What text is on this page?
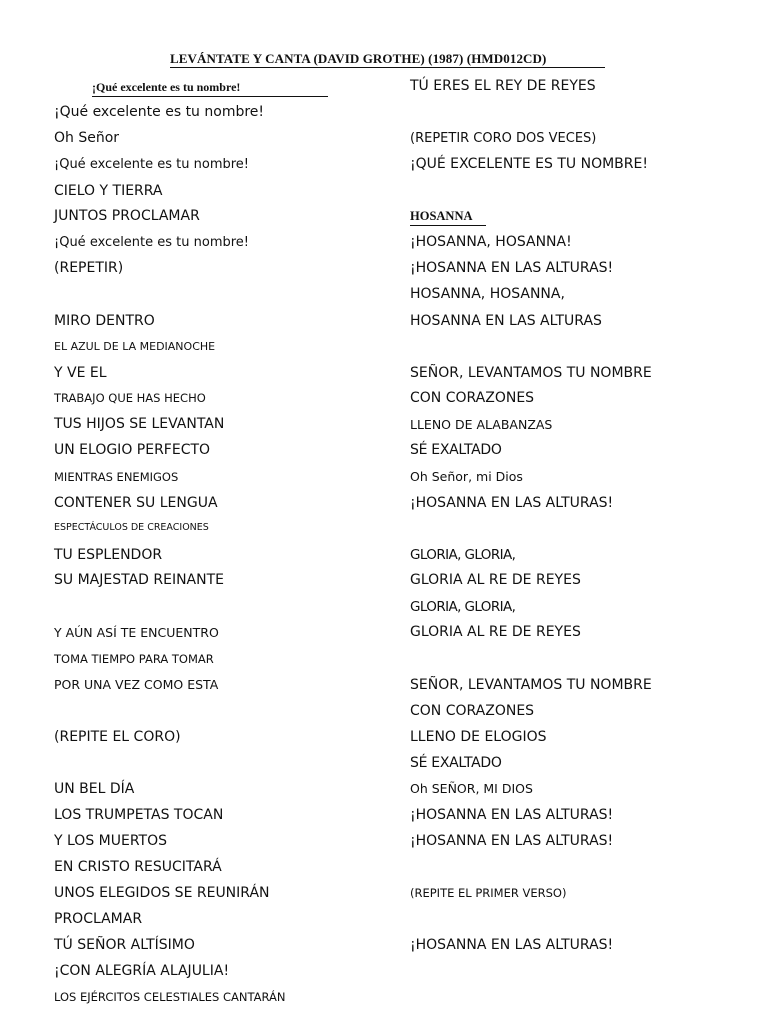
LEVÁNTATE Y CANTA (DAVID GROTHE) (1987) (HMD012CD)
¡Qué excelente es tu nombre!
¡Qué excelente es tu nombre!
Oh Señor
¡Qué excelente es tu nombre!
CIELO Y TIERRA
JUNTOS PROCLAMAR
¡Qué excelente es tu nombre!
(REPETIR)
MIRO DENTRO
EL AZUL DE LA MEDIANOCHE
Y VE EL
TRABAJO QUE HAS HECHO
TUS HIJOS SE LEVANTAN
UN ELOGIO PERFECTO
MIENTRAS ENEMIGOS
CONTENER SU LENGUA
ESPECTÁCULOS DE CREACIONES
TU ESPLENDOR
SU MAJESTAD REINANTE
Y AÚN ASÍ TE ENCUENTRO
TOMA TIEMPO PARA TOMAR
POR UNA VEZ COMO ESTA
(REPITE EL CORO)
UN BEL DÍA
LOS TRUMPETAS TOCAN
Y LOS MUERTOS
EN CRISTO RESUCITARÁ
UNOS ELEGIDOS SE REUNIRÁN
PROCLAMAR
TÚ SEÑOR ALTÍSIMO
¡CON ALEGRÍA ALAJULIA!
LOS EJÉRCITOS CELESTIALES CANTARÁN
TÚ ERES EL REY DE REYES
(REPETIR CORO DOS VECES)
¡QUÉ EXCELENTE ES TU NOMBRE!
HOSANNA
¡HOSANNA, HOSANNA!
¡HOSANNA EN LAS ALTURAS!
HOSANNA, HOSANNA,
HOSANNA EN LAS ALTURAS
SEÑOR, LEVANTAMOS TU NOMBRE
CON CORAZONES
LLENO DE ALABANZAS
SÉ EXALTADO
Oh Señor, mi Dios
¡HOSANNA EN LAS ALTURAS!
GLORIA, GLORIA,
GLORIA AL RE DE REYES
GLORIA, GLORIA,
GLORIA AL RE DE REYES
SEÑOR, LEVANTAMOS TU NOMBRE
CON CORAZONES
LLENO DE ELOGIOS
SÉ EXALTADO
Oh SEÑOR, MI DIOS
¡HOSANNA EN LAS ALTURAS!
¡HOSANNA EN LAS ALTURAS!
(REPITE EL PRIMER VERSO)
¡HOSANNA EN LAS ALTURAS!
